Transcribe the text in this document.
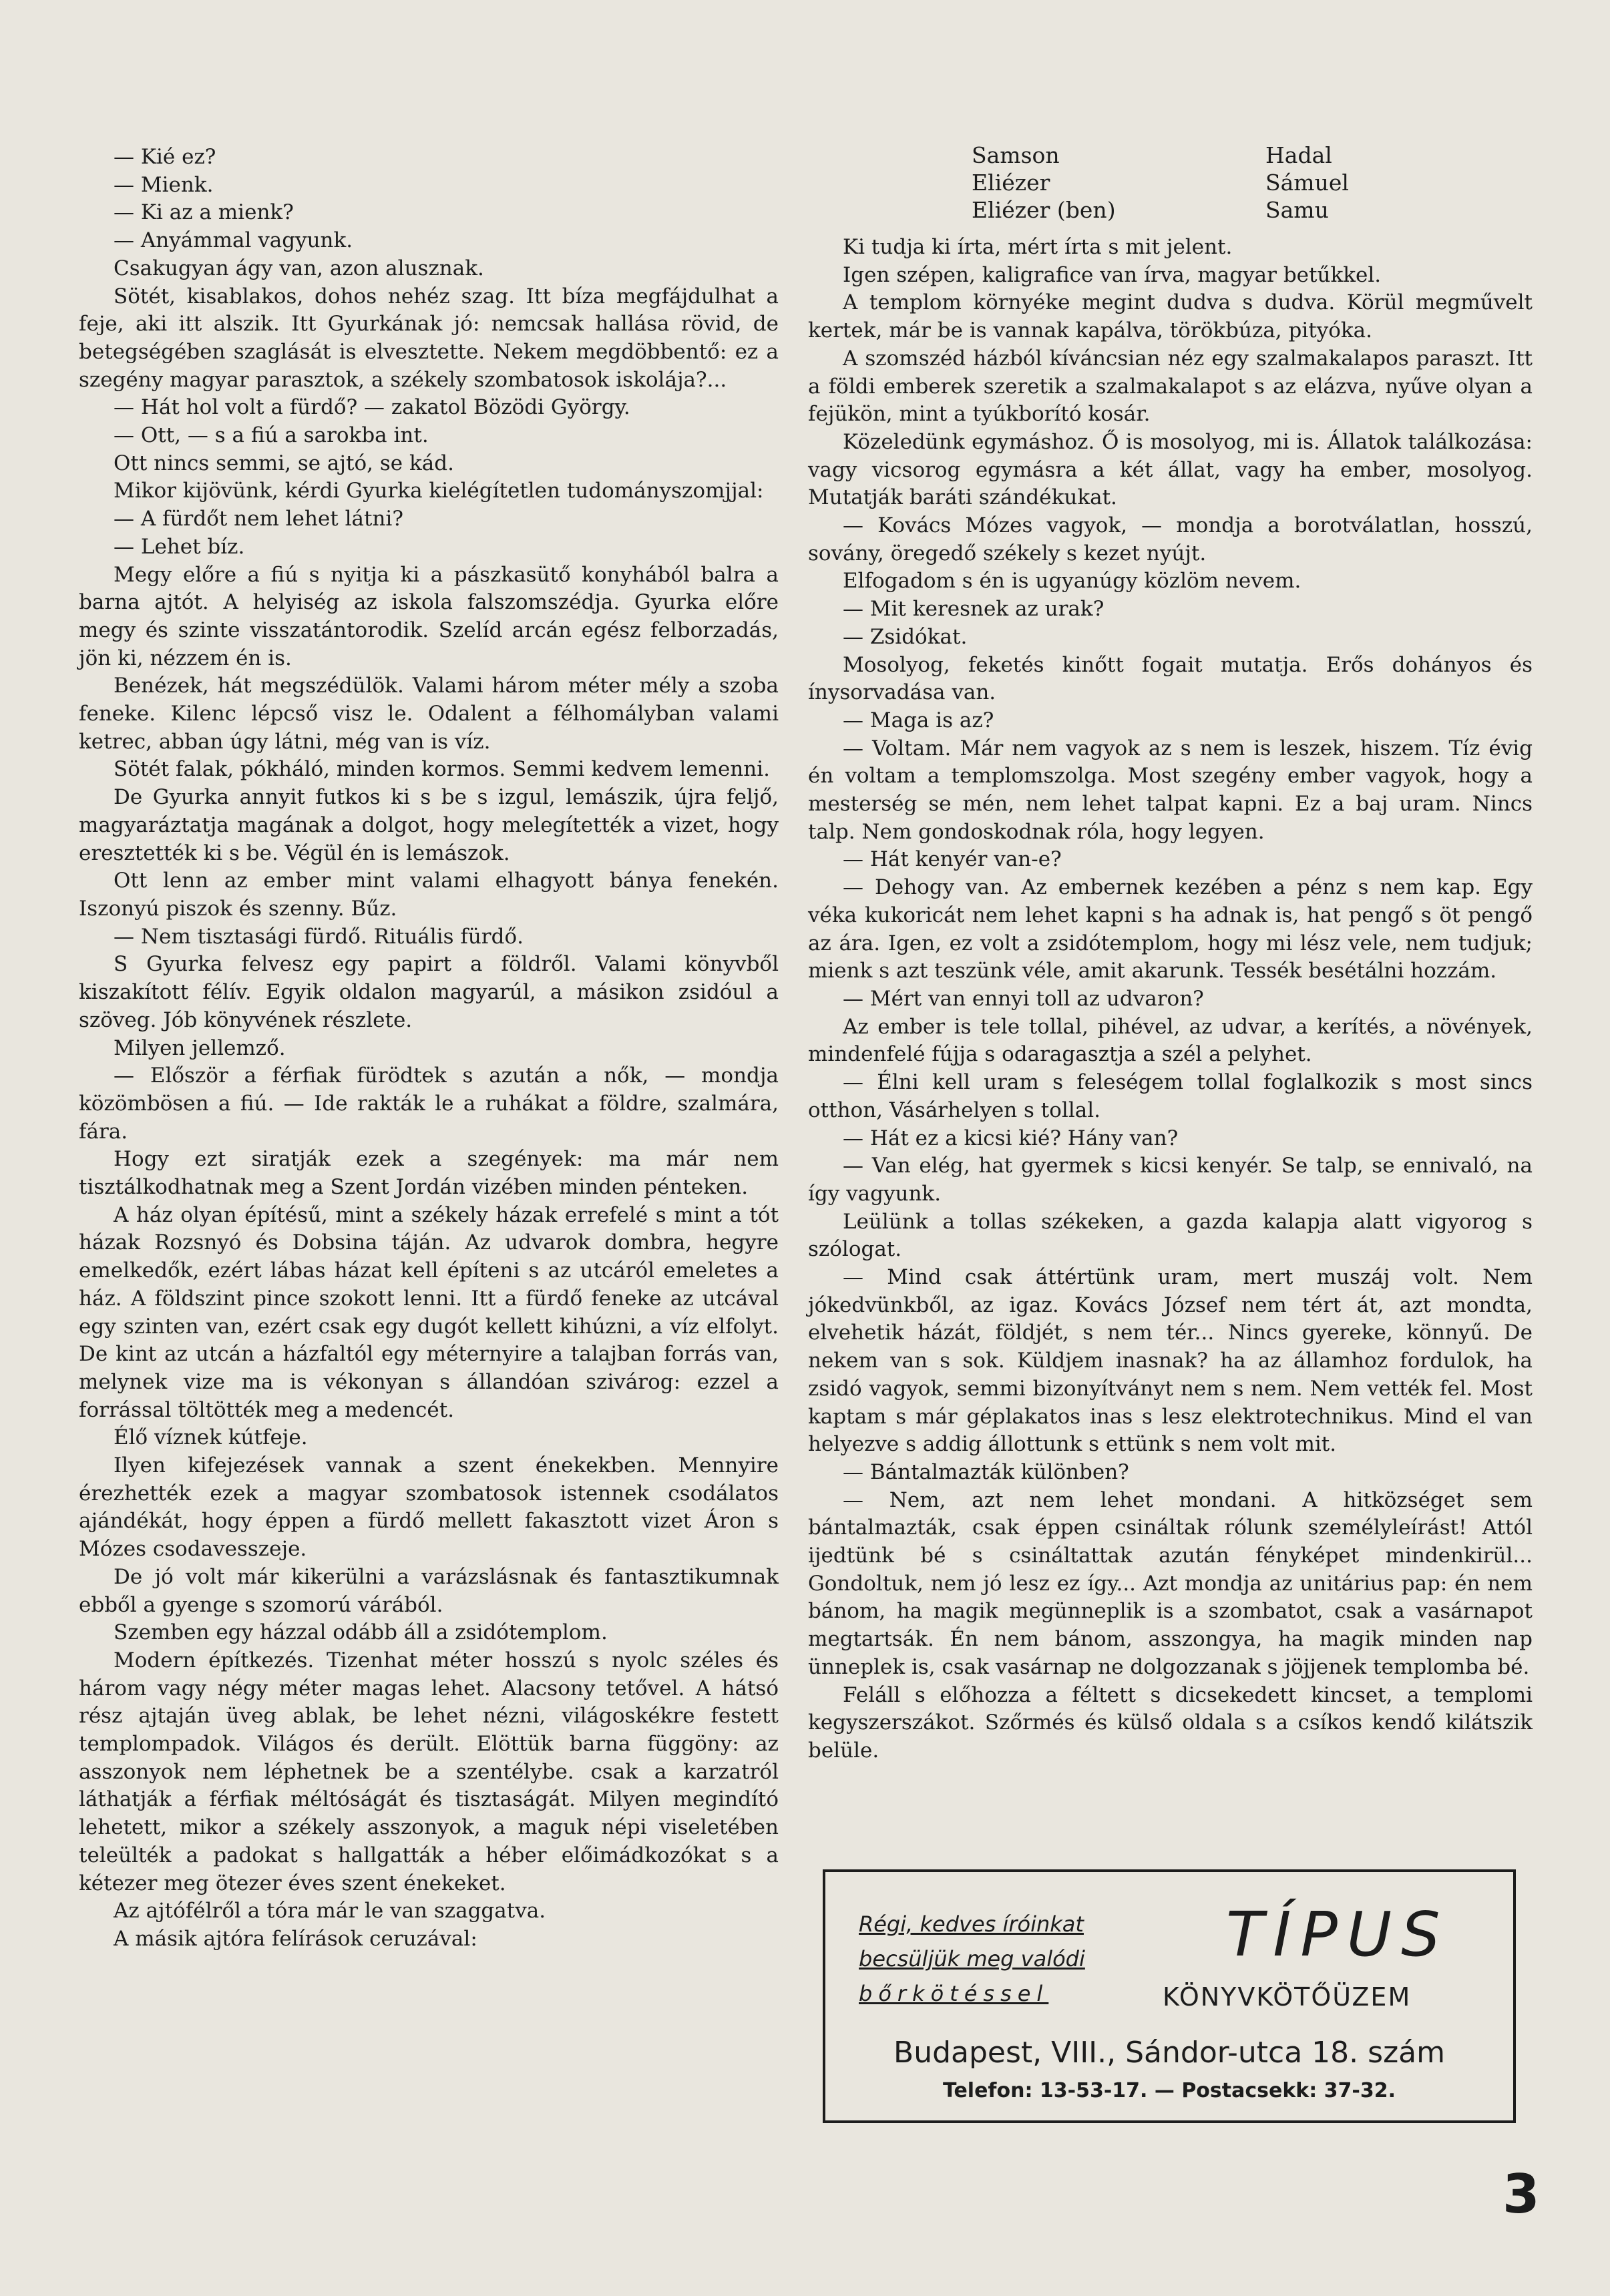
— Kié ez?

— Mienk.

— Ki az a mienk?

— Anyámmal vagyunk.

Csakugyan ágy van, azon alusznak.

Sötét, kisablakos, dohos nehéz szag. Itt bíza megfájdulhat a feje, aki itt alszik. Itt Gyurkának jó: nemcsak hallása rövid, de betegségében szaglását is elvesztette. Nekem megdöbbentő: ez a szegény magyar parasztok, a székely szombatosok iskolája?...

— Hát hol volt a fürdő? — zakatol Bözödi György.

— Ott, — s a fiú a sarokba int.

Ott nincs semmi, se ajtó, se kád.

Mikor kijövünk, kérdi Gyurka kielégítetlen tudományszomjjal:

— A fürdőt nem lehet látni?

— Lehet bíz.

Megy előre a fiú s nyitja ki a pászkasütő konyhából balra a barna ajtót. A helyiség az iskola falszomszédja. Gyurka előre megy és szinte visszatántorodik. Szelíd arcán egész felborzadás, jön ki, nézzem én is.

Benézek, hát megszédülök. Valami három méter mély a szoba feneke. Kilenc lépcső visz le. Odalent a félhomályban valami ketrec, abban úgy látni, még van is víz.

Sötét falak, pókháló, minden kormos. Semmi kedvem lemenni.

De Gyurka annyit futkos ki s be s izgul, lemászik, újra feljő, magyaráztatja magának a dolgot, hogy melegítették a vizet, hogy eresztették ki s be. Végül én is lemászok.

Ott lenn az ember mint valami elhagyott bánya fenekén. Iszonyú piszok és szenny. Bűz.

— Nem tisztasági fürdő. Rituális fürdő.

S Gyurka felvesz egy papirt a földről. Valami könyvből kiszakított félív. Egyik oldalon magyarúl, a másikon zsidóul a szöveg. Jób könyvének részlete.

Milyen jellemző.

— Először a férfiak fürödtek s azután a nők, — mondja közömbösen a fiú. — Ide rakták le a ruhákat a földre, szalmára, fára.

Hogy ezt siratják ezek a szegények: ma már nem tisztálkodhatnak meg a Szent Jordán vizében minden pénteken.

A ház olyan építésű, mint a székely házak errefelé s mint a tót házak Rozsnyó és Dobsina táján. Az udvarok dombra, hegyre emelkedők, ezért lábas házat kell építeni s az utcáról emeletes a ház. A földszint pince szokott lenni. Itt a fürdő feneke az utcával egy szinten van, ezért csak egy dugót kellett kihúzni, a víz elfolyt. De kint az utcán a házfaltól egy méternyire a talajban forrás van, melynek vize ma is vékonyan s állandóan szivárog: ezzel a forrással töltötték meg a medencét.

Élő víznek kútfeje.

Ilyen kifejezések vannak a szent énekekben. Mennyire érezhették ezek a magyar szombatosok istennek csodálatos ajándékát, hogy éppen a fürdő mellett fakasztott vizet Áron s Mózes csodavesszeje.

De jó volt már kikerülni a varázslásnak és fantasztikumnak ebből a gyenge s szomorú várából.

Szemben egy házzal odább áll a zsidótemplom.

Modern építkezés. Tizenhat méter hosszú s nyolc széles és három vagy négy méter magas lehet. Alacsony tetővel. A hátsó rész ajtaján üveg ablak, be lehet nézni, világoskékre festett templompadok. Világos és derült. Elöttük barna függöny: az asszonyok nem léphetnek be a szentélybe. csak a karzatról láthatják a férfiak méltóságát és tisztaságát. Milyen megindító lehetett, mikor a székely asszonyok, a maguk népi viseletében teleülték a padokat s hallgatták a héber előimádkozókat s a kétezer meg ötezer éves szent énekeket.

Az ajtófélről a tóra már le van szaggatva.

A másik ajtóra felírások ceruzával:

Samson	Hadal
Eliézer	Sámuel
Eliézer (ben)	Samu

Ki tudja ki írta, mért írta s mit jelent.

Igen szépen, kaligrafice van írva, magyar betűkkel.

A templom környéke megint dudva s dudva. Körül megművelt kertek, már be is vannak kapálva, törökbúza, pityóka.

A szomszéd házból kíváncsian néz egy szalmakalapos paraszt. Itt a földi emberek szeretik a szalmakalapot s az elázva, nyűve olyan a fejükön, mint a tyúkborító kosár.

Közeledünk egymáshoz. Ő is mosolyog, mi is. Állatok találkozása: vagy vicsorog egymásra a két állat, vagy ha ember, mosolyog. Mutatják baráti szándékukat.

— Kovács Mózes vagyok, — mondja a borotválatlan, hosszú, sovány, öregedő székely s kezet nyújt.

Elfogadom s én is ugyanúgy közlöm nevem.

— Mit keresnek az urak?

— Zsidókat.

Mosolyog, feketés kinőtt fogait mutatja. Erős dohányos és ínysorvadása van.

— Maga is az?

— Voltam. Már nem vagyok az s nem is leszek, hiszem. Tíz évig én voltam a templomszolga. Most szegény ember vagyok, hogy a mesterség se mén, nem lehet talpat kapni. Ez a baj uram. Nincs talp. Nem gondoskodnak róla, hogy legyen.

— Hát kenyér van-e?

— Dehogy van. Az embernek kezében a pénz s nem kap. Egy véka kukoricát nem lehet kapni s ha adnak is, hat pengő s öt pengő az ára. Igen, ez volt a zsidótemplom, hogy mi lész vele, nem tudjuk; mienk s azt teszünk véle, amit akarunk. Tessék besétálni hozzám.

— Mért van ennyi toll az udvaron?

Az ember is tele tollal, pihével, az udvar, a kerítés, a növények, mindenfelé fújja s odaragasztja a szél a pelyhet.

— Élni kell uram s feleségem tollal foglalkozik s most sincs otthon, Vásárhelyen s tollal.

— Hát ez a kicsi kié? Hány van?

— Van elég, hat gyermek s kicsi kenyér. Se talp, se ennivaló, na így vagyunk.

Leülünk a tollas székeken, a gazda kalapja alatt vigyorog s szólogat.

— Mind csak áttértünk uram, mert muszáj volt. Nem jókedvünkből, az igaz. Kovács József nem tért át, azt mondta, elvehetik házát, földjét, s nem tér... Nincs gyereke, könnyű. De nekem van s sok. Küldjem inasnak? ha az államhoz fordulok, ha zsidó vagyok, semmi bizonyítványt nem s nem. Nem vették fel. Most kaptam s már géplakatos inas s lesz elektrotechnikus. Mind el van helyezve s addig állottunk s ettünk s nem volt mit.

— Bántalmazták különben?

— Nem, azt nem lehet mondani. A hitközséget sem bántalmazták, csak éppen csináltak rólunk személyleírást! Attól ijedtünk bé s csináltattak azután fényképet mindenkirül... Gondoltuk, nem jó lesz ez így... Azt mondja az unitárius pap: én nem bánom, ha magik megünneplik is a szombatot, csak a vasárnapot megtartsák. Én nem bánom, asszongya, ha magik minden nap ünneplek is, csak vasárnap ne dolgozzanak s jöjjenek templomba bé.

Feláll s előhozza a féltett s dicsekedett kincset, a templomi kegyszerszákot. Szőrmés és külső oldala s a csíkos kendő kilátszik belüle.

Régi, kedves íróinkat
becsüljük meg valódi
bőrkötéssel
TÍPUS
KÖNYVKÖTŐÜZEM
Budapest, VIII., Sándor-utca 18. szám
Telefon: 13-53-17. — Postacsekk: 37-32.
3
